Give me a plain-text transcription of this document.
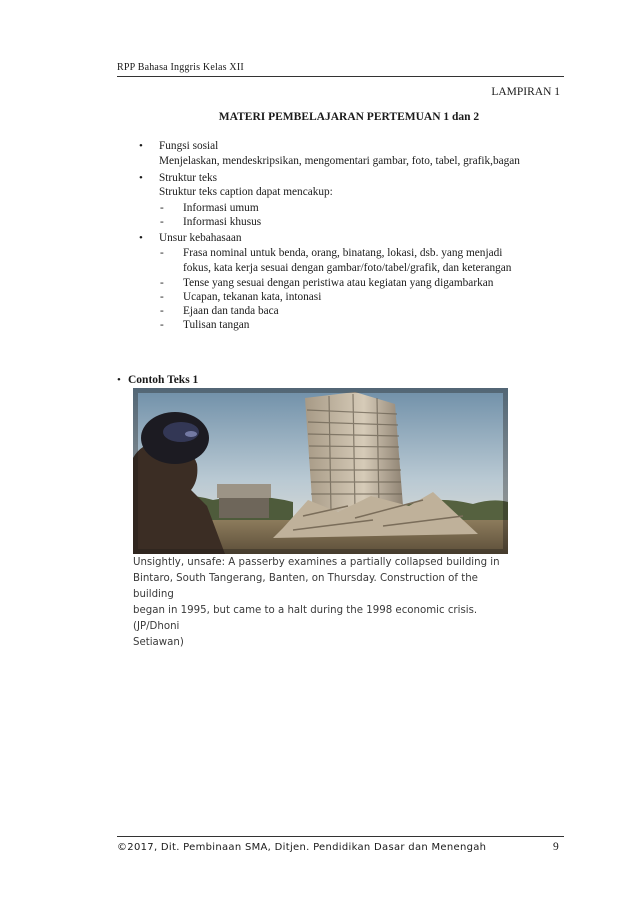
RPP Bahasa Inggris Kelas XII
LAMPIRAN 1
MATERI PEMBELAJARAN PERTEMUAN 1 dan 2
• Fungsi sosial
Menjelaskan, mendeskripsikan, mengomentari gambar, foto, tabel, grafik,bagan
• Struktur teks
Struktur teks caption dapat mencakup:
- Informasi umum
- Informasi khusus
• Unsur kebahasaan
- Frasa nominal untuk benda, orang, binatang, lokasi, dsb. yang menjadi
fokus, kata kerja sesuai dengan gambar/foto/tabel/grafik, dan keterangan
- Tense yang sesuai dengan peristiwa atau kegiatan yang digambarkan
- Ucapan, tekanan kata, intonasi
- Ejaan dan tanda baca
- Tulisan tangan
• Contoh Teks 1
Unsightly, unsafe: A passerby examines a partially collapsed building in
Bintaro, South Tangerang, Banten, on Thursday. Construction of the building
began in 1995, but came to a halt during the 1998 economic crisis.(JP/Dhoni
Setiawan)
©2017, Dit. Pembinaan SMA, Ditjen. Pendidikan Dasar dan Menengah	9
